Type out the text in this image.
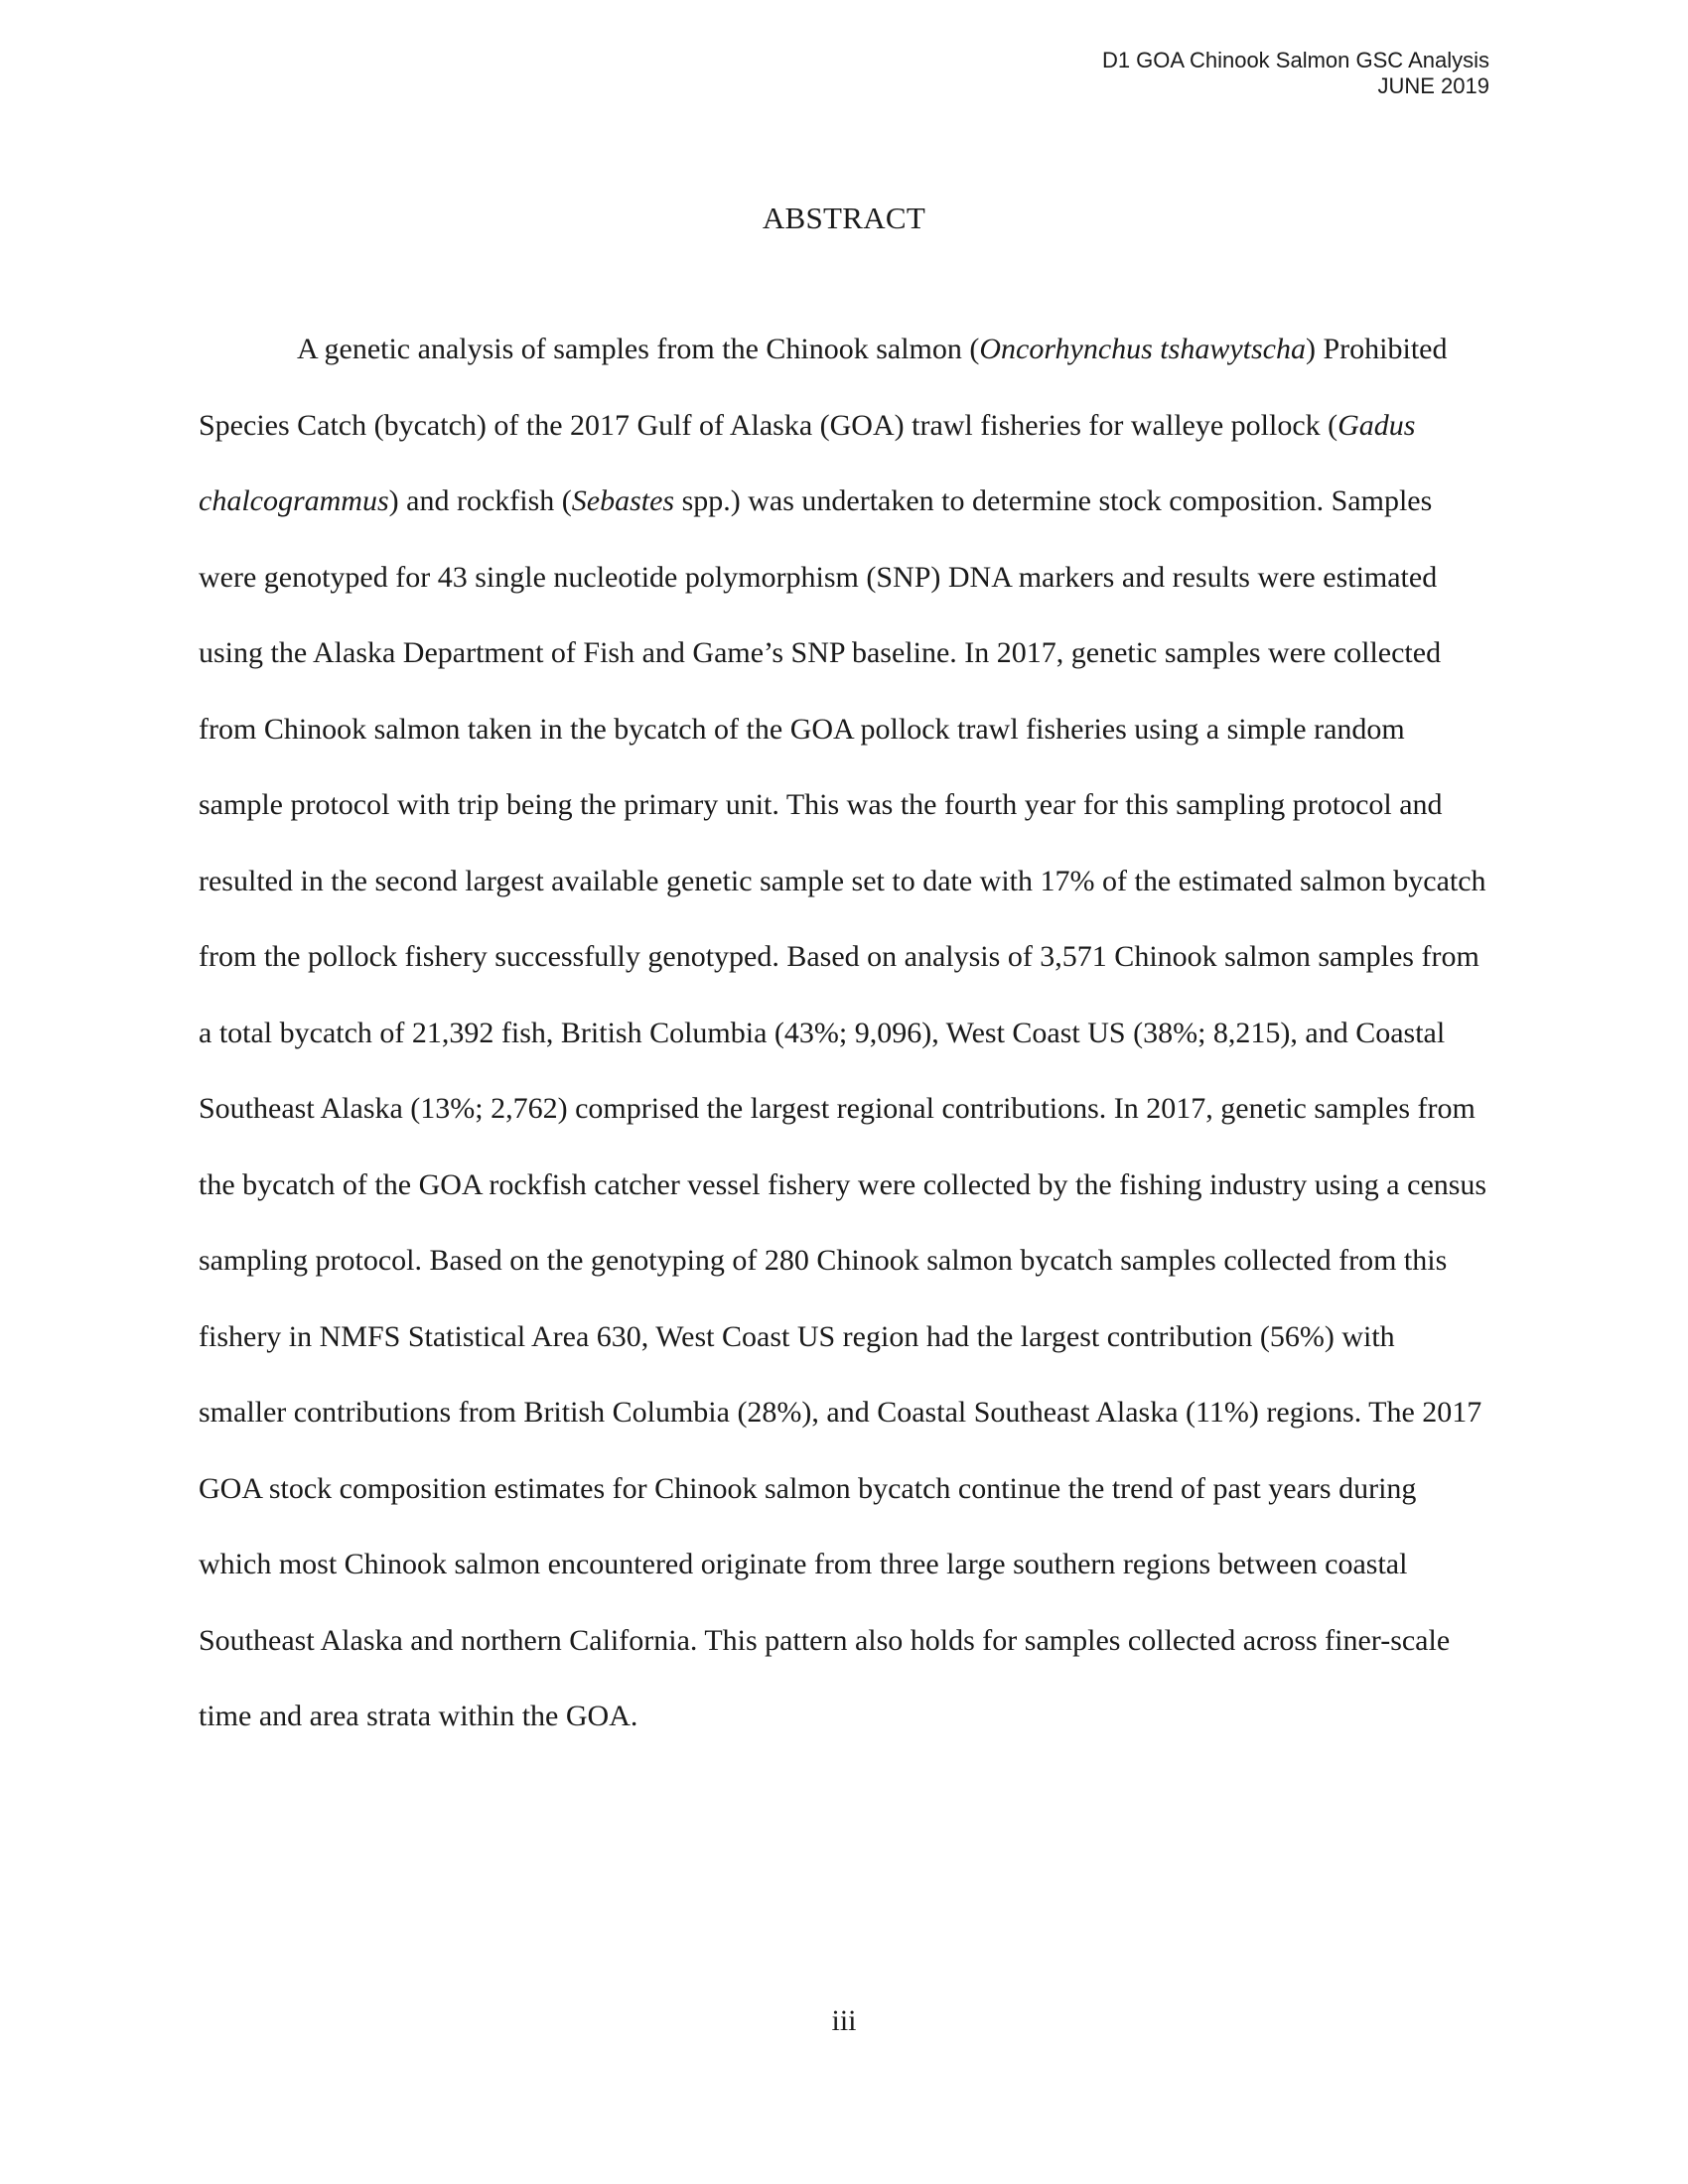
D1 GOA Chinook Salmon GSC Analysis
JUNE 2019
ABSTRACT

A genetic analysis of samples from the Chinook salmon (Oncorhynchus tshawytscha) Prohibited Species Catch (bycatch) of the 2017 Gulf of Alaska (GOA) trawl fisheries for walleye pollock (Gadus chalcogrammus) and rockfish (Sebastes spp.) was undertaken to determine stock composition. Samples were genotyped for 43 single nucleotide polymorphism (SNP) DNA markers and results were estimated using the Alaska Department of Fish and Game’s SNP baseline. In 2017, genetic samples were collected from Chinook salmon taken in the bycatch of the GOA pollock trawl fisheries using a simple random sample protocol with trip being the primary unit. This was the fourth year for this sampling protocol and resulted in the second largest available genetic sample set to date with 17% of the estimated salmon bycatch from the pollock fishery successfully genotyped. Based on analysis of 3,571 Chinook salmon samples from a total bycatch of 21,392 fish, British Columbia (43%; 9,096), West Coast US (38%; 8,215), and Coastal Southeast Alaska (13%; 2,762) comprised the largest regional contributions. In 2017, genetic samples from the bycatch of the GOA rockfish catcher vessel fishery were collected by the fishing industry using a census sampling protocol. Based on the genotyping of 280 Chinook salmon bycatch samples collected from this fishery in NMFS Statistical Area 630, West Coast US region had the largest contribution (56%) with smaller contributions from British Columbia (28%), and Coastal Southeast Alaska (11%) regions. The 2017 GOA stock composition estimates for Chinook salmon bycatch continue the trend of past years during which most Chinook salmon encountered originate from three large southern regions between coastal Southeast Alaska and northern California. This pattern also holds for samples collected across finer-scale time and area strata within the GOA.

iii
